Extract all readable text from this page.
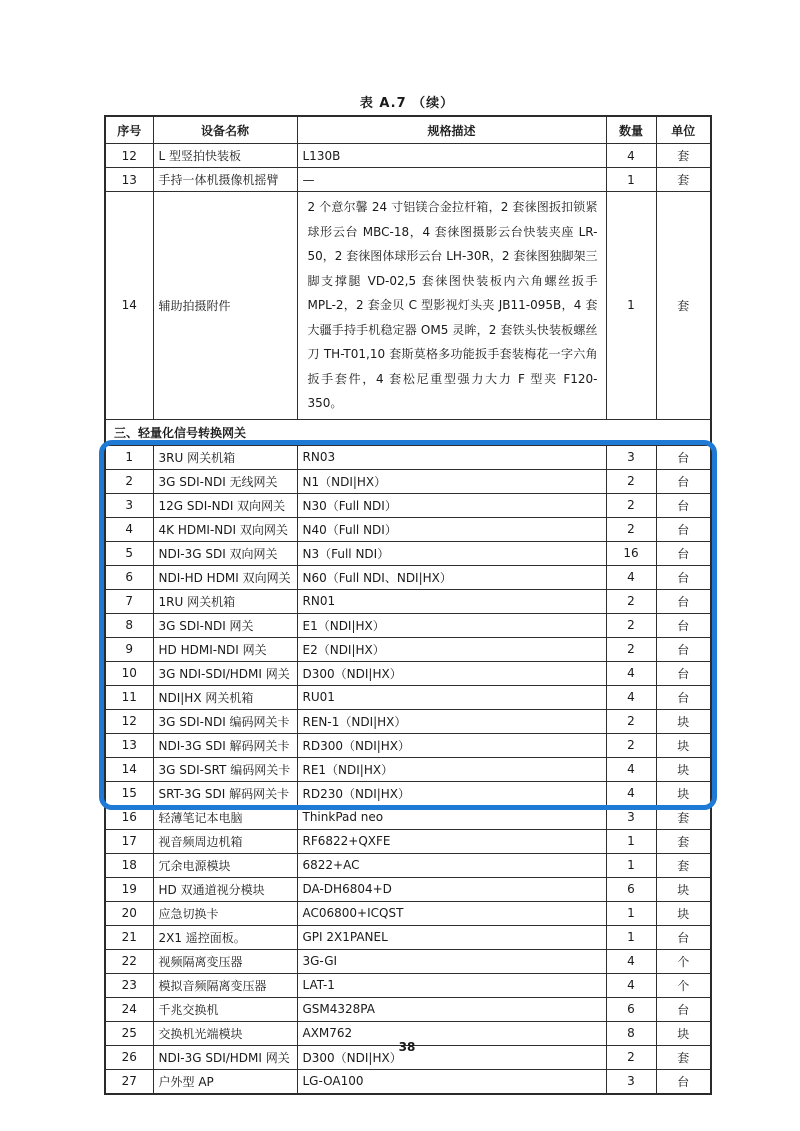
表 A.7 （续）
序号	设备名称	规格描述	数量	单位
12	L 型竖拍快装板	L130B	4	套
13	手持一体机摄像机摇臂	—	1	套
14	辅助拍摄附件	2 个意尔馨 24 寸铝镁合金拉杆箱，2 套徕图扳扣锁紧球形云台 MBC-18，4 套徕图摄影云台快装夹座 LR-50，2 套徕图体球形云台 LH-30R，2 套徕图独脚架三脚支撑腿 VD-02,5 套徕图快装板内六角螺丝扳手 MPL-2，2 套金贝 C 型影视灯头夹 JB11-095B，4 套大疆手持手机稳定器 OM5 灵眸，2 套铁头快装板螺丝刀 TH-T01,10 套斯莫格多功能扳手套装梅花一字六角扳手套件，4 套松尼重型强力大力 F 型夹 F120-350。	1	套
三、轻量化信号转换网关				
1	3RU 网关机箱	RN03	3	台
2	3G SDI-NDI 无线网关	N1（NDI|HX）	2	台
3	12G SDI-NDI 双向网关	N30（Full NDI）	2	台
4	4K HDMI-NDI 双向网关	N40（Full NDI）	2	台
5	NDI-3G SDI 双向网关	N3（Full NDI）	16	台
6	NDI-HD HDMI 双向网关	N60（Full NDI、NDI|HX）	4	台
7	1RU 网关机箱	RN01	2	台
8	3G SDI-NDI 网关	E1（NDI|HX）	2	台
9	HD HDMI-NDI 网关	E2（NDI|HX）	2	台
10	3G NDI-SDI/HDMI 网关	D300（NDI|HX）	4	台
11	NDI|HX 网关机箱	RU01	4	台
12	3G SDI-NDI 编码网关卡	REN-1（NDI|HX）	2	块
13	NDI-3G SDI 解码网关卡	RD300（NDI|HX）	2	块
14	3G SDI-SRT 编码网关卡	RE1（NDI|HX）	4	块
15	SRT-3G SDI 解码网关卡	RD230（NDI|HX）	4	块
16	轻薄笔记本电脑	ThinkPad neo	3	套
17	视音频周边机箱	RF6822+QXFE	1	套
18	冗余电源模块	6822+AC	1	套
19	HD 双通道视分模块	DA-DH6804+D	6	块
20	应急切换卡	AC06800+ICQST	1	块
21	2X1 遥控面板。	GPI 2X1PANEL	1	台
22	视频隔离变压器	3G-GI	4	个
23	模拟音频隔离变压器	LAT-1	4	个
24	千兆交换机	GSM4328PA	6	台
25	交换机光端模块	AXM762	8	块
26	NDI-3G SDI/HDMI 网关	D300（NDI|HX）	2	套
27	户外型 AP	LG-OA100	3	台
38
